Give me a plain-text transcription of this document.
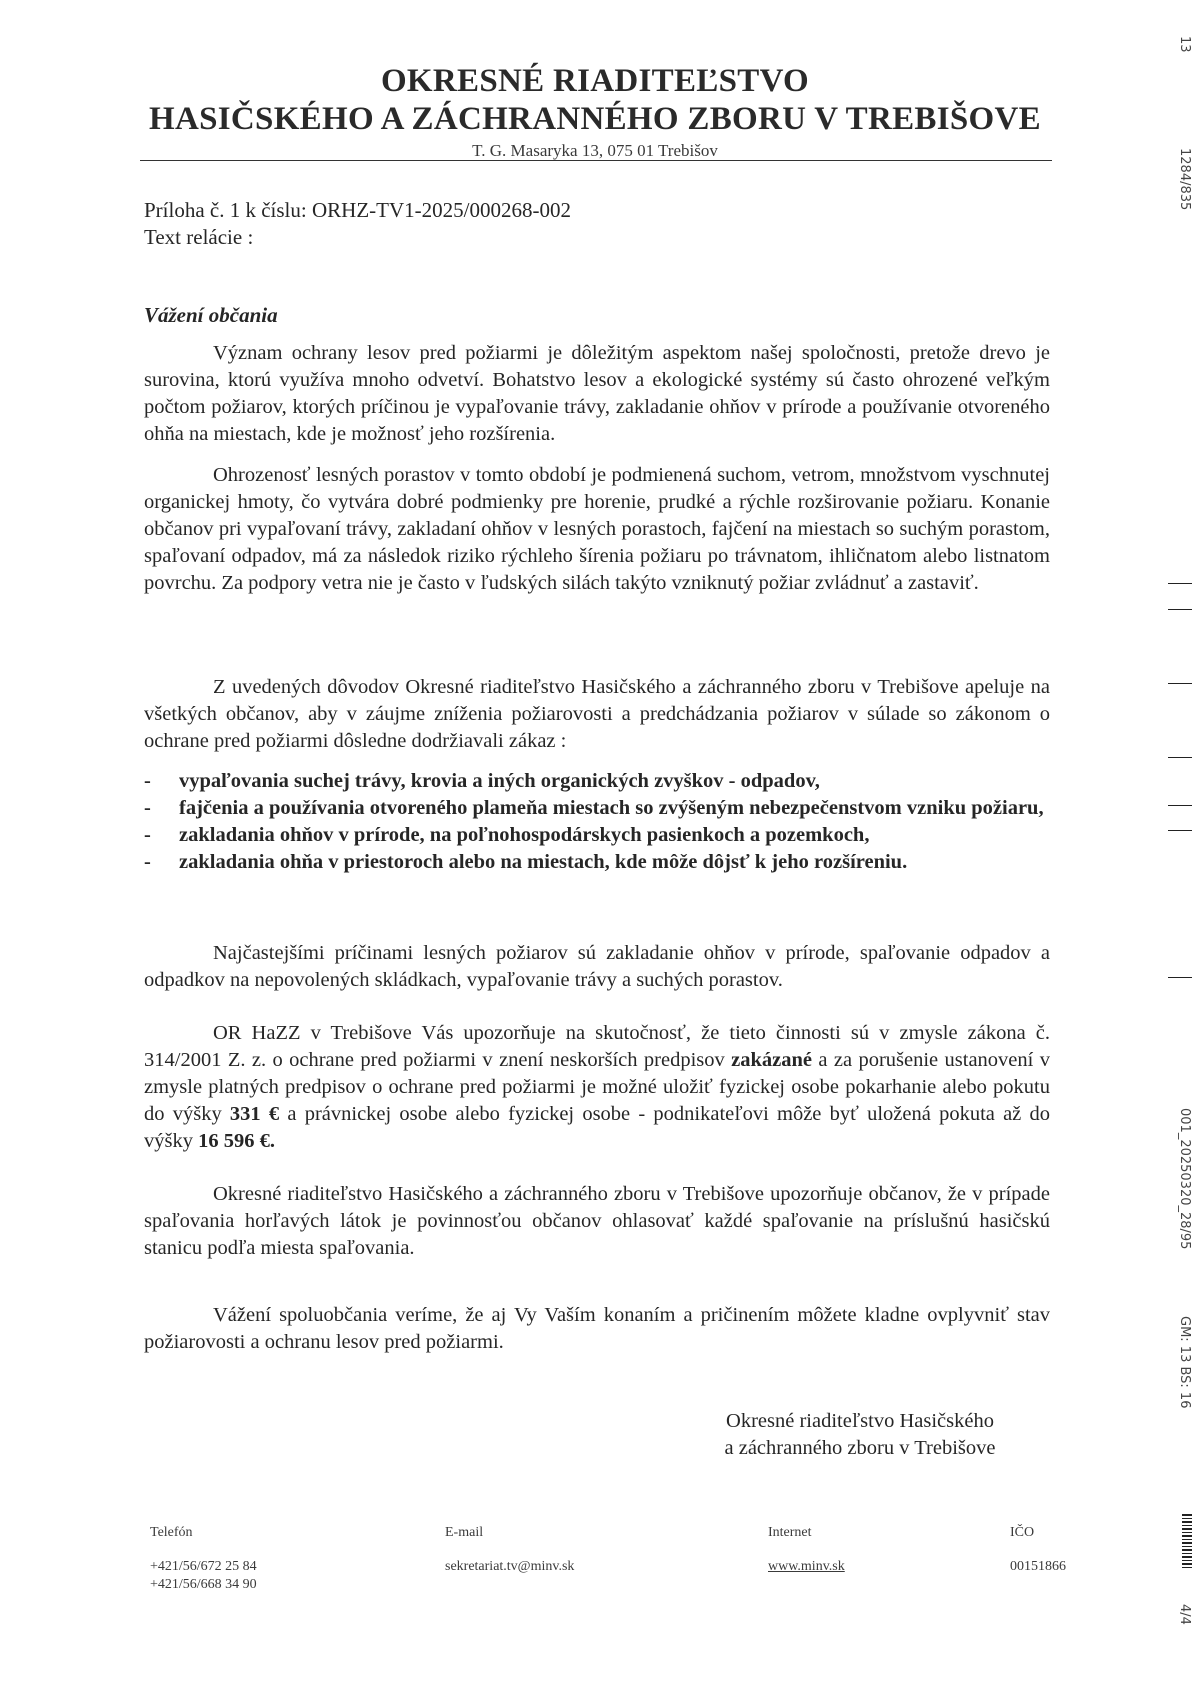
OKRESNÉ RIADITEĽSTVO
HASIČSKÉHO A ZÁCHRANNÉHO ZBORU V TREBIŠOVE
T. G. Masaryka 13, 075 01 Trebišov
Príloha č. 1 k číslu: ORHZ-TV1-2025/000268-002
Text relácie :
Vážení občania
Význam ochrany lesov pred požiarmi je dôležitým aspektom našej spoločnosti, pretože drevo je surovina, ktorú využíva mnoho odvetví. Bohatstvo lesov a ekologické systémy sú často ohrozené veľkým počtom požiarov, ktorých príčinou je vypaľovanie trávy, zakladanie ohňov v prírode a používanie otvoreného ohňa na miestach, kde je možnosť jeho rozšírenia.
Ohrozenosť lesných porastov v tomto období je podmienená suchom, vetrom, množstvom vyschnutej organickej hmoty, čo vytvára dobré podmienky pre horenie, prudké a rýchle rozširovanie požiaru. Konanie občanov pri vypaľovaní trávy, zakladaní ohňov v lesných porastoch, fajčení na miestach so suchým porastom, spaľovaní odpadov, má za následok riziko rýchleho šírenia požiaru po trávnatom, ihličnatom alebo listnatom povrchu. Za podpory vetra nie je často v ľudských silách takýto vzniknutý požiar zvládnuť a zastaviť.
Z uvedených dôvodov Okresné riaditeľstvo Hasičského a záchranného zboru v Trebišove apeluje na všetkých občanov, aby v záujme zníženia požiarovosti a predchádzania požiarov v súlade so zákonom o ochrane pred požiarmi dôsledne dodržiavali zákaz :
- vypaľovania suchej trávy, krovia a iných organických zvyškov - odpadov,
- fajčenia a používania otvoreného plameňa miestach so zvýšeným nebezpečenstvom vzniku požiaru,
- zakladania ohňov v prírode, na poľnohospodárskych pasienkoch a pozemkoch,
- zakladania ohňa v priestoroch alebo na miestach, kde môže dôjsť k jeho rozšíreniu.
Najčastejšími príčinami lesných požiarov sú zakladanie ohňov v prírode, spaľovanie odpadov a odpadkov na nepovolených skládkach, vypaľovanie trávy a suchých porastov.
OR HaZZ v Trebišove Vás upozorňuje na skutočnosť, že tieto činnosti sú v zmysle zákona č. 314/2001 Z. z. o ochrane pred požiarmi v znení neskorších predpisov zakázané a za porušenie ustanovení v zmysle platných predpisov o ochrane pred požiarmi je možné uložiť fyzickej osobe pokarhanie alebo pokutu do výšky 331 € a právnickej osobe alebo fyzickej osobe - podnikateľovi môže byť uložená pokuta až do výšky 16 596 €.
Okresné riaditeľstvo Hasičského a záchranného zboru v Trebišove upozorňuje občanov, že v prípade spaľovania horľavých látok je povinnosťou občanov ohlasovať každé spaľovanie na príslušnú hasičskú stanicu podľa miesta spaľovania.
Vážení spoluobčania veríme, že aj Vy Vaším konaním a pričinením môžete kladne ovplyvniť stav požiarovosti a ochranu lesov pred požiarmi.
Okresné riaditeľstvo Hasičského
a záchranného zboru v Trebišove
Telefón
+421/56/672 25 84
+421/56/668 34 90
E-mail
sekretariat.tv@minv.sk
Internet
www.minv.sk
IČO
00151866
13
1284/835
001_20250320_28/95
GM: 13 BS: 16
4/4
